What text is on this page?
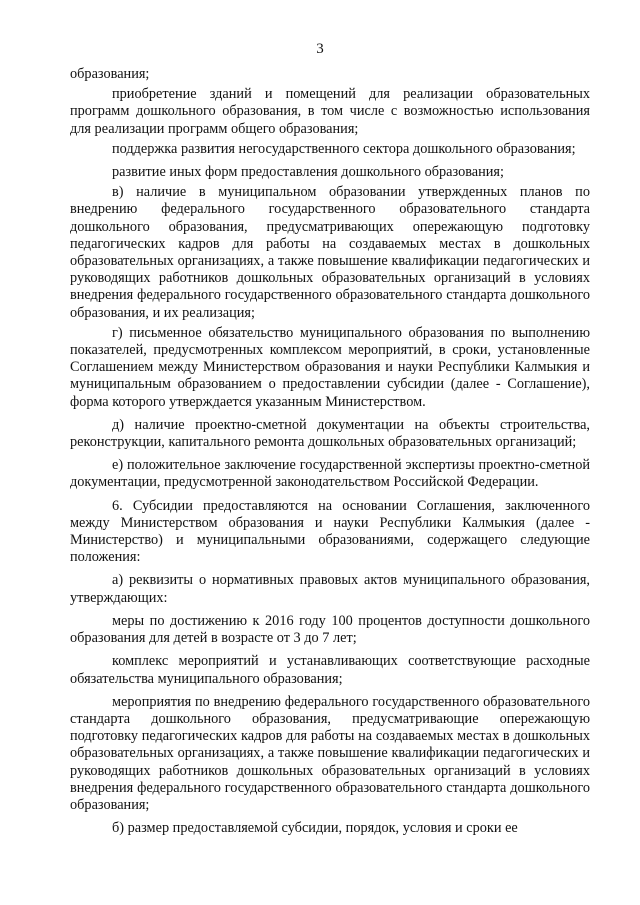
3

образования;

приобретение зданий и помещений для реализации образовательных программ дошкольного образования, в том числе с возможностью использования для реализации программ общего образования;

поддержка развития негосударственного сектора дошкольного образования;

развитие иных форм предоставления дошкольного образования;

в) наличие в муниципальном образовании утвержденных планов по внедрению федерального государственного образовательного стандарта дошкольного образования, предусматривающих опережающую подготовку педагогических кадров для работы на создаваемых местах в дошкольных образовательных организациях, а также повышение квалификации педагогических и руководящих работников дошкольных образовательных организаций в условиях внедрения федерального государственного образовательного стандарта дошкольного образования, и их реализация;

г) письменное обязательство муниципального образования по выполнению показателей, предусмотренных комплексом мероприятий, в сроки, установленные Соглашением между Министерством образования и науки Республики Калмыкия и муниципальным образованием о предоставлении субсидии (далее - Соглашение), форма которого утверждается указанным Министерством.

д) наличие проектно-сметной документации на объекты строительства, реконструкции, капитального ремонта дошкольных образовательных организаций;

е) положительное заключение государственной экспертизы проектно-сметной документации, предусмотренной законодательством Российской Федерации.

6. Субсидии предоставляются на основании Соглашения, заключенного между Министерством образования и науки Республики Калмыкия (далее - Министерство) и муниципальными образованиями, содержащего следующие положения:

а) реквизиты о нормативных правовых актов муниципального образования, утверждающих:

меры по достижению к 2016 году 100 процентов доступности дошкольного образования для детей в возрасте от 3 до 7 лет;

комплекс мероприятий и устанавливающих соответствующие расходные обязательства муниципального образования;

мероприятия по внедрению федерального государственного образовательного стандарта дошкольного образования, предусматривающие опережающую подготовку педагогических кадров для работы на создаваемых местах в дошкольных образовательных организациях, а также повышение квалификации педагогических и руководящих работников дошкольных образовательных организаций в условиях внедрения федерального государственного образовательного стандарта дошкольного образования;

б) размер предоставляемой субсидии, порядок, условия и сроки ее
